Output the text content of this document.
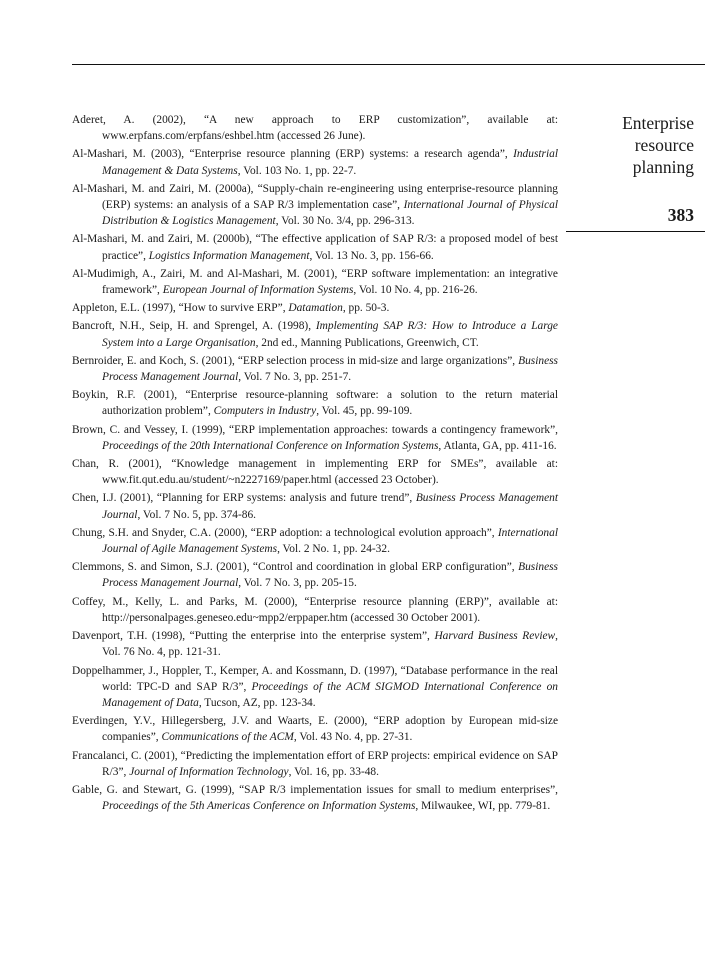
Enterprise

resource

planning

383

Aderet, A. (2002), “A new approach to ERP customization”, available at: www.erpfans.com/erpfans/eshbel.htm (accessed 26 June).

Al-Mashari, M. (2003), “Enterprise resource planning (ERP) systems: a research agenda”, Industrial Management & Data Systems, Vol. 103 No. 1, pp. 22-7.

Al-Mashari, M. and Zairi, M. (2000a), “Supply-chain re-engineering using enterprise-resource planning (ERP) systems: an analysis of a SAP R/3 implementation case”, International Journal of Physical Distribution & Logistics Management, Vol. 30 No. 3/4, pp. 296-313.

Al-Mashari, M. and Zairi, M. (2000b), “The effective application of SAP R/3: a proposed model of best practice”, Logistics Information Management, Vol. 13 No. 3, pp. 156-66.

Al-Mudimigh, A., Zairi, M. and Al-Mashari, M. (2001), “ERP software implementation: an integrative framework”, European Journal of Information Systems, Vol. 10 No. 4, pp. 216-26.

Appleton, E.L. (1997), “How to survive ERP”, Datamation, pp. 50-3.

Bancroft, N.H., Seip, H. and Sprengel, A. (1998), Implementing SAP R/3: How to Introduce a Large System into a Large Organisation, 2nd ed., Manning Publications, Greenwich, CT.

Bernroider, E. and Koch, S. (2001), “ERP selection process in mid-size and large organizations”, Business Process Management Journal, Vol. 7 No. 3, pp. 251-7.

Boykin, R.F. (2001), “Enterprise resource-planning software: a solution to the return material authorization problem”, Computers in Industry, Vol. 45, pp. 99-109.

Brown, C. and Vessey, I. (1999), “ERP implementation approaches: towards a contingency framework”, Proceedings of the 20th International Conference on Information Systems, Atlanta, GA, pp. 411-16.

Chan, R. (2001), “Knowledge management in implementing ERP for SMEs”, available at: www.fit.qut.edu.au/student/~n2227169/paper.html (accessed 23 October).

Chen, I.J. (2001), “Planning for ERP systems: analysis and future trend”, Business Process Management Journal, Vol. 7 No. 5, pp. 374-86.

Chung, S.H. and Snyder, C.A. (2000), “ERP adoption: a technological evolution approach”, International Journal of Agile Management Systems, Vol. 2 No. 1, pp. 24-32.

Clemmons, S. and Simon, S.J. (2001), “Control and coordination in global ERP configuration”, Business Process Management Journal, Vol. 7 No. 3, pp. 205-15.

Coffey, M., Kelly, L. and Parks, M. (2000), “Enterprise resource planning (ERP)”, available at: http://personalpages.geneseo.edu~mpp2/erppaper.htm (accessed 30 October 2001).

Davenport, T.H. (1998), “Putting the enterprise into the enterprise system”, Harvard Business Review, Vol. 76 No. 4, pp. 121-31.

Doppelhammer, J., Hoppler, T., Kemper, A. and Kossmann, D. (1997), “Database performance in the real world: TPC-D and SAP R/3”, Proceedings of the ACM SIGMOD International Conference on Management of Data, Tucson, AZ, pp. 123-34.

Everdingen, Y.V., Hillegersberg, J.V. and Waarts, E. (2000), “ERP adoption by European mid-size companies”, Communications of the ACM, Vol. 43 No. 4, pp. 27-31.

Francalanci, C. (2001), “Predicting the implementation effort of ERP projects: empirical evidence on SAP R/3”, Journal of Information Technology, Vol. 16, pp. 33-48.

Gable, G. and Stewart, G. (1999), “SAP R/3 implementation issues for small to medium enterprises”, Proceedings of the 5th Americas Conference on Information Systems, Milwaukee, WI, pp. 779-81.
